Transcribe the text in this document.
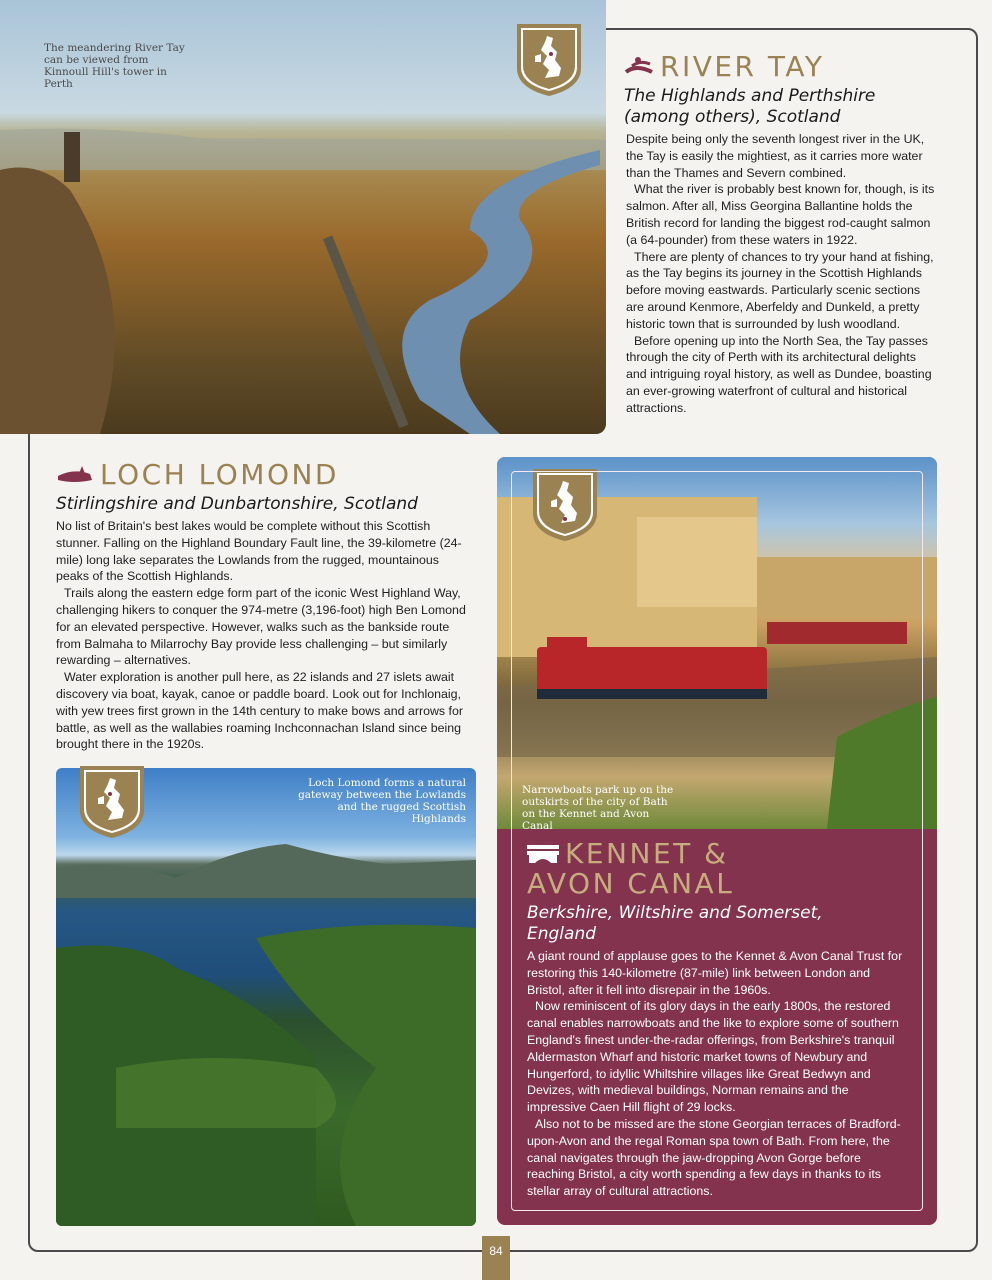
The meandering River Tay can be viewed from Kinnoull Hill's tower in Perth
RIVER TAY
The Highlands and Perthshire
(among others), Scotland

Despite being only the seventh longest river in the UK, the Tay is easily the mightiest, as it carries more water than the Thames and Severn combined.

What the river is probably best known for, though, is its salmon. After all, Miss Georgina Ballantine holds the British record for landing the biggest rod-caught salmon (a 64-pounder) from these waters in 1922.

There are plenty of chances to try your hand at fishing, as the Tay begins its journey in the Scottish Highlands before moving eastwards. Particularly scenic sections are around Kenmore, Aberfeldy and Dunkeld, a pretty historic town that is surrounded by lush woodland.

Before opening up into the North Sea, the Tay passes through the city of Perth with its architectural delights and intriguing royal history, as well as Dundee, boasting an ever-growing waterfront of cultural and historical attractions.

LOCH LOMOND
Stirlingshire and Dunbartonshire, Scotland

No list of Britain's best lakes would be complete without this Scottish stunner. Falling on the Highland Boundary Fault line, the 39-kilometre (24-mile) long lake separates the Lowlands from the rugged, mountainous peaks of the Scottish Highlands.

Trails along the eastern edge form part of the iconic West Highland Way, challenging hikers to conquer the 974-metre (3,196-foot) high Ben Lomond for an elevated perspective. However, walks such as the bankside route from Balmaha to Milarrochy Bay provide less challenging – but similarly rewarding – alternatives.

Water exploration is another pull here, as 22 islands and 27 islets await discovery via boat, kayak, canoe or paddle board. Look out for Inchlonaig, with yew trees first grown in the 14th century to make bows and arrows for battle, as well as the wallabies roaming Inchconnachan Island since being brought there in the 1920s.

Loch Lomond forms a natural gateway between the Lowlands and the rugged Scottish Highlands
Narrowboats park up on the outskirts of the city of Bath on the Kennet and Avon Canal
KENNET &
AVON CANAL
Berkshire, Wiltshire and Somerset,
England

A giant round of applause goes to the Kennet & Avon Canal Trust for restoring this 140-kilometre (87-mile) link between London and Bristol, after it fell into disrepair in the 1960s.

Now reminiscent of its glory days in the early 1800s, the restored canal enables narrowboats and the like to explore some of southern England's finest under-the-radar offerings, from Berkshire's tranquil Aldermaston Wharf and historic market towns of Newbury and Hungerford, to idyllic Whiltshire villages like Great Bedwyn and Devizes, with medieval buildings, Norman remains and the impressive Caen Hill flight of 29 locks.

Also not to be missed are the stone Georgian terraces of Bradford-upon-Avon and the regal Roman spa town of Bath. From here, the canal navigates through the jaw-dropping Avon Gorge before reaching Bristol, a city worth spending a few days in thanks to its stellar array of cultural attractions.

84
